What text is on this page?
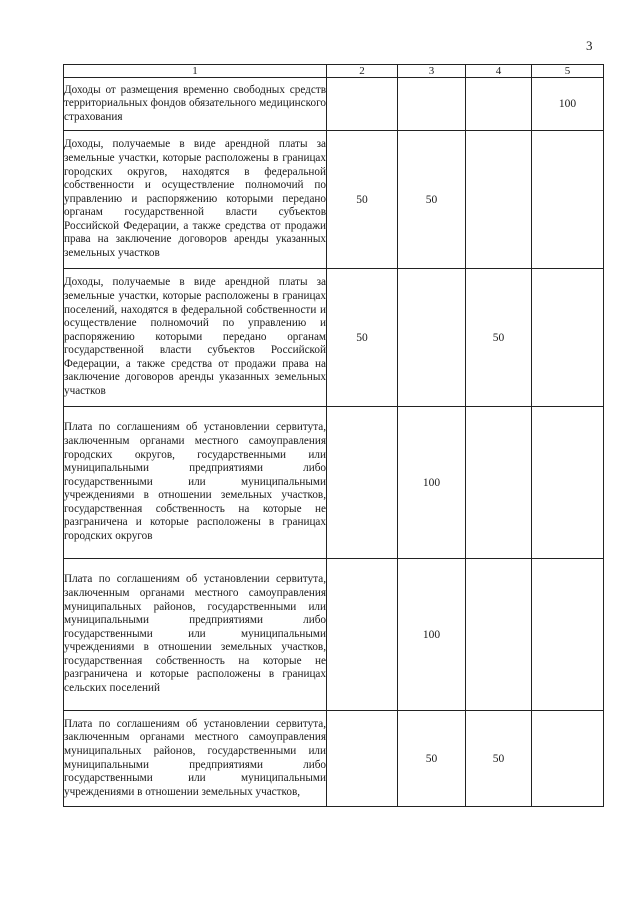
3
1	2	3	4	5
Доходы от размещения временно свободных средств территориальных фондов обязательного медицинского страхования				100
Доходы, получаемые в виде арендной платы за земельные участки, которые расположены в границах городских округов, находятся в федеральной собственности и осуществление полномочий по управлению и распоряжению которыми передано органам государственной власти субъектов Российской Федерации, а также средства от продажи права на заключение договоров аренды указанных земельных участков	50	50		
Доходы, получаемые в виде арендной платы за земельные участки, которые расположены в границах поселений, находятся в федеральной собственности и осуществление полномочий по управлению и распоряжению которыми передано органам государственной власти субъектов Российской Федерации, а также средства от продажи права на заключение договоров аренды указанных земельных участков	50		50	
Плата по соглашениям об установлении сервитута, заключенным органами местного самоуправления городских округов, государственными или муниципальными предприятиями либо государственными или муниципальными учреждениями в отношении земельных участков, государственная собственность на которые не разграничена и которые расположены в границах городских округов		100		
Плата по соглашениям об установлении сервитута, заключенным органами местного самоуправления муниципальных районов, государственными или муниципальными предприятиями либо государственными или муниципальными учреждениями в отношении земельных участков, государственная собственность на которые не разграничена и которые расположены в границах сельских поселений		100		
Плата по соглашениям об установлении сервитута, заключенным органами местного самоуправления муниципальных районов, государственными или муниципальными предприятиями либо государственными или муниципальными учреждениями в отношении земельных участков,		50	50	
